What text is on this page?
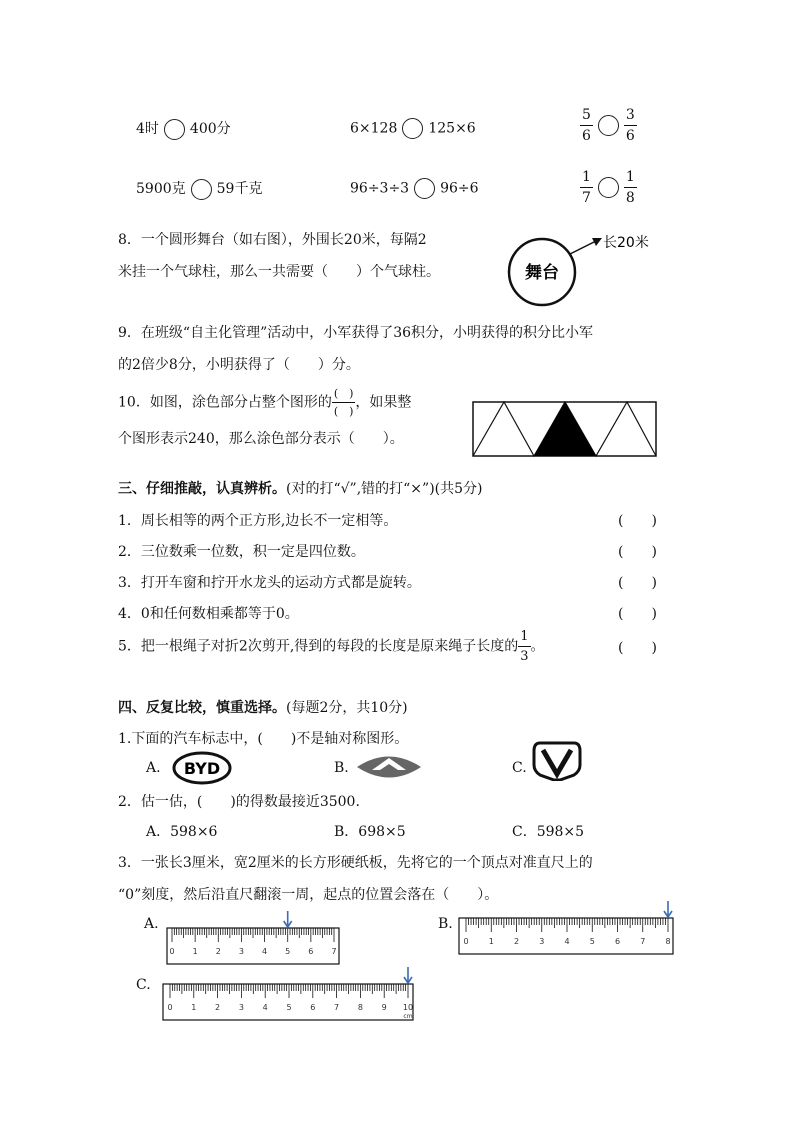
4时 400分	6×128 125×6	$\frac{5}{6} \frac{3}{6}$
5900克 59千克	96÷3÷3 96÷6	$\frac{1}{7} \frac{1}{8}$
8．一个圆形舞台（如右图），外围长20米，每隔2
米挂一个气球柱，那么一共需要（　　）个气球柱。	舞台
长20米
9．在班级“自主化管理”活动中，小军获得了36积分，小明获得的积分比小军
的2倍少8分，小明获得了（　　）分。
10．如图，涂色部分占整个图形的 $\frac{( )}{( )}$ ，如果整
个图形表示240，那么涂色部分表示（　　）。
三、仔细推敲，认真辨析。(对的打“√”,错的打“×”)(共5分)
1．周长相等的两个正方形,边长不一定相等。	(　　)
2．三位数乘一位数，积一定是四位数。	(　　)
3．打开车窗和拧开水龙头的运动方式都是旋转。	(　　)
4．0和任何数相乘都等于0。	(　　)
5．把一根绳子对折2次剪开,得到的每段的长度是原来绳子长度的 $\frac{1}{3}$ 。	(　　)
四、反复比较，慎重选择。(每题2分，共10分)
1.下面的汽车标志中，(　　)不是轴对称图形。
A. BYD	B.	C.
2．估一估，(　　)的得数最接近3500.
A．598×6	B．698×5	C．598×5
3．一张长3厘米，宽2厘米的长方形硬纸板，先将它的一个顶点对准直尺上的
“0”刻度，然后沿直尺翻滚一周，起点的位置会落在（　　）。
A.
0 1 2 3 4 5 6 7
B.
0	1	2	3	4	5	6	7	8
C.
0 1 2 3 4 5 6 7 8 9 10
cm
